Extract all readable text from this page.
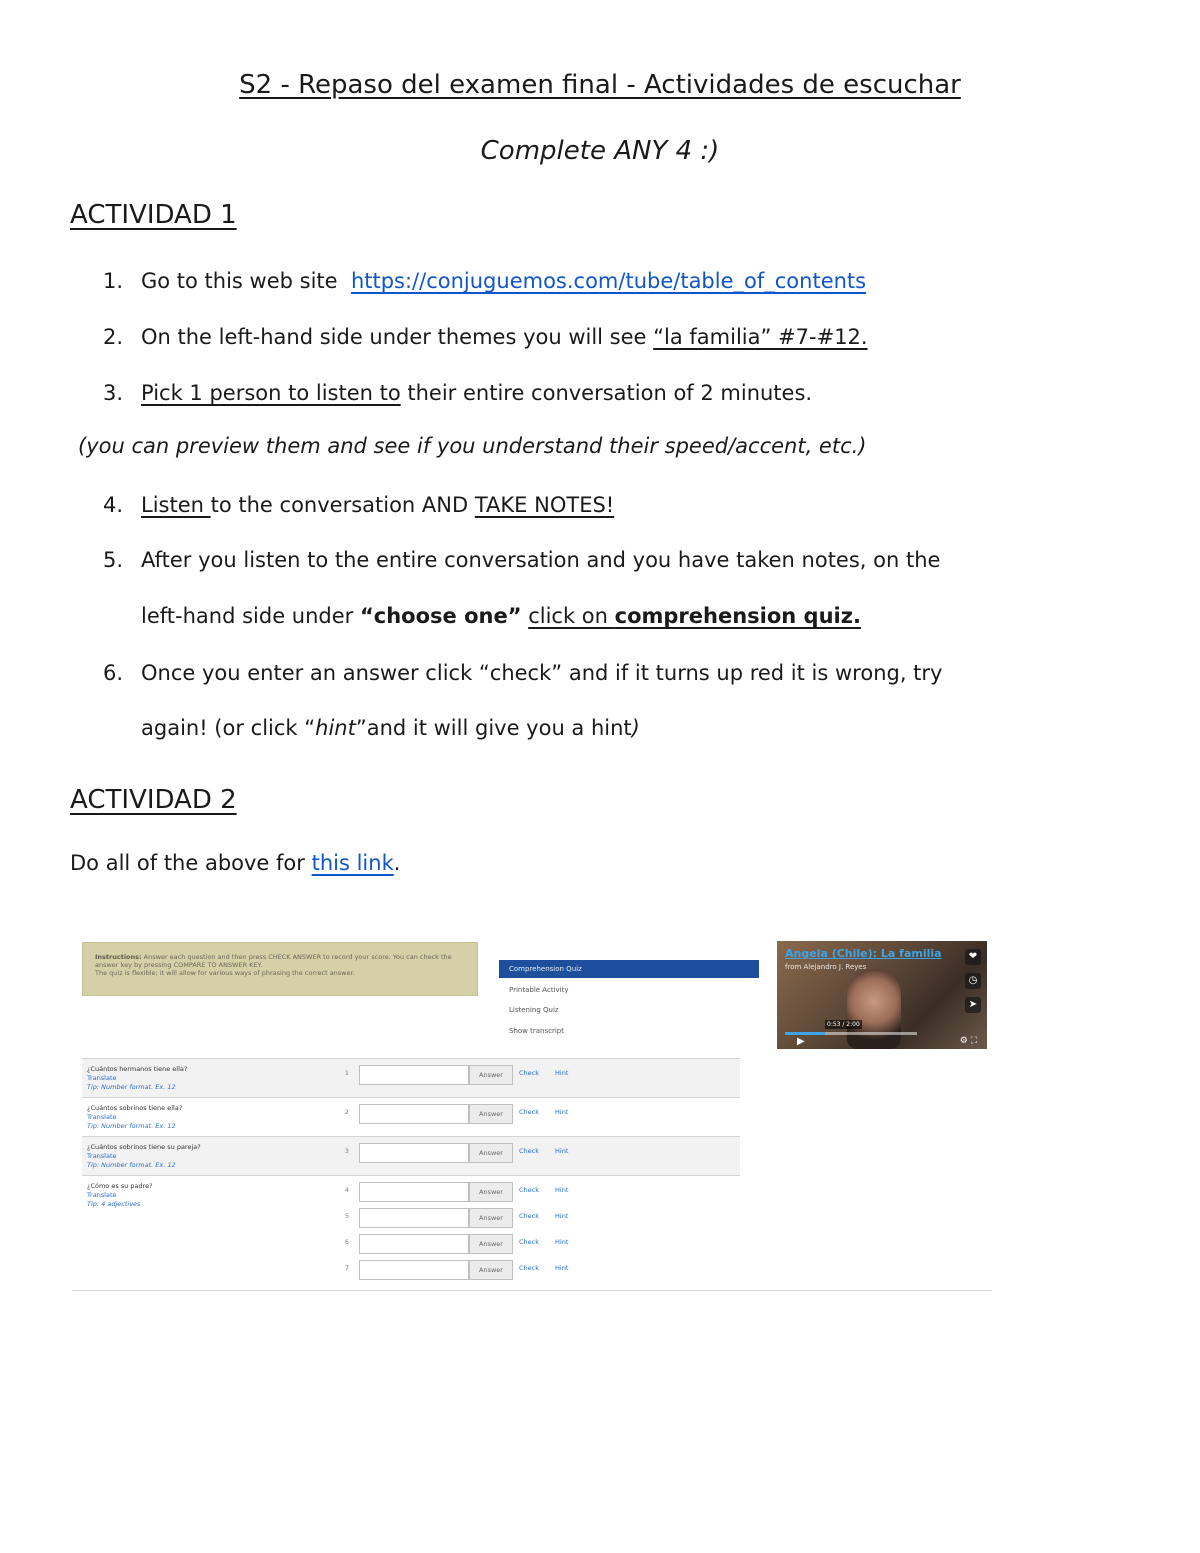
S2 - Repaso del examen final - Actividades de escuchar
Complete ANY 4 :)
ACTIVIDAD 1
1. Go to this web site https://conjuguemos.com/tube/table_of_contents
2. On the left-hand side under themes you will see “la familia” #7-#12.
3. Pick 1 person to listen to their entire conversation of 2 minutes.
(you can preview them and see if you understand their speed/accent, etc.)
4. Listen to the conversation AND TAKE NOTES!
5. After you listen to the entire conversation and you have taken notes, on the
left-hand side under “choose one” click on comprehension quiz.
6. Once you enter an answer click “check” and if it turns up red it is wrong, try
again! (or click “hint”and it will give you a hint)
ACTIVIDAD 2
Do all of the above for this link.
Instructions: Answer each question and then press CHECK ANSWER to record your score. You can check the answer key by pressing COMPARE TO ANSWER KEY.
The quiz is flexible; it will allow for various ways of phrasing the correct answer.	Comprehension Quiz
Printable Activity
Listening Quiz
Show transcript
Angela (Chile): La familia
from Alejandro J. Reyes
❤
◷
➤
0:53 / 2:00
▶	⚙ ⛶
¿Cuántos hermanos tiene ella?
Translate
Tip: Number format. Ex. 12
1	Answer	Check Hint
¿Cuántos sobrinos tiene ella?
Translate
Tip: Number format. Ex. 12
2	Answer	Check Hint
¿Cuántos sobrinos tiene su pareja?
Translate
Tip: Number format. Ex. 12
3	Answer	Check Hint
¿Cómo es su padre?
Translate
Tip: 4 adjectives
4	Answer	Check Hint
5	Answer	Check Hint
6	Answer	Check Hint
7	Answer	Check Hint
